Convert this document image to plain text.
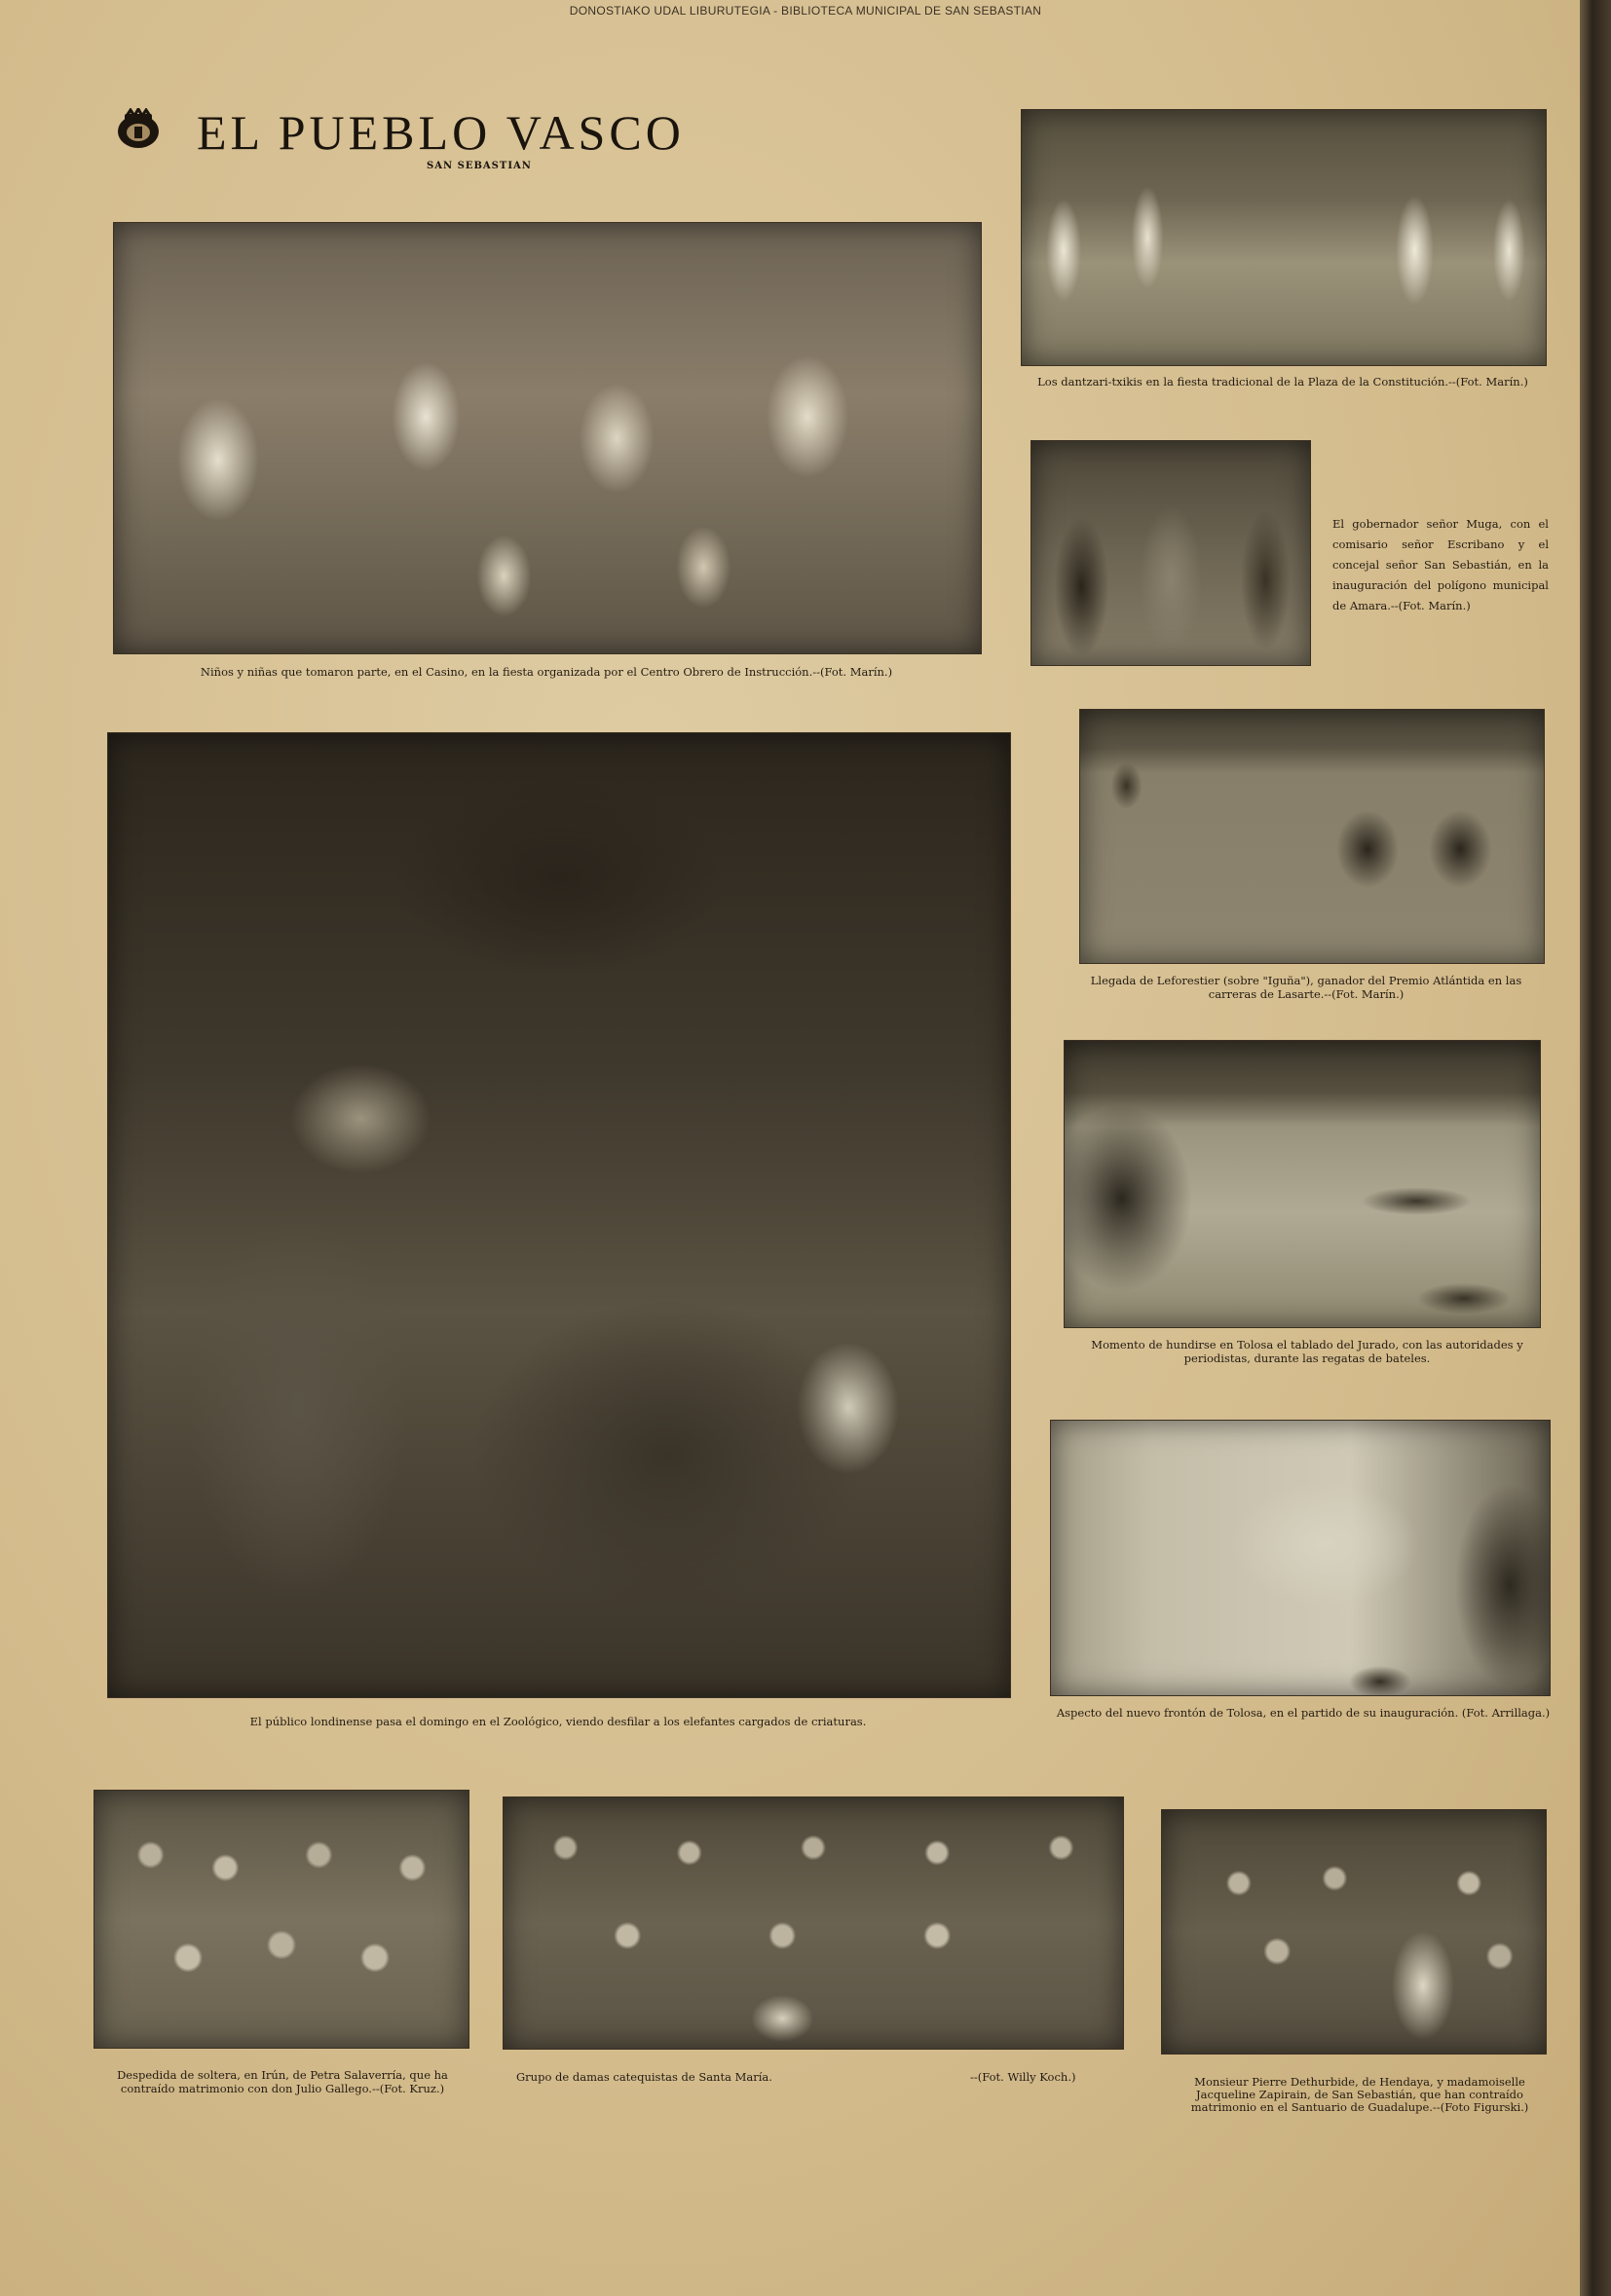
DONOSTIAKO UDAL LIBURUTEGIA - BIBLIOTECA MUNICIPAL DE SAN SEBASTIAN

EL PUEBLO VASCO
SAN SEBASTIAN
Niños y niñas que tomaron parte, en el Casino, en la fiesta organizada por el Centro Obrero de Instrucción.--(Fot. Marín.)
Los dantzari-txikis en la fiesta tradicional de la Plaza de la Constitución.--(Fot. Marín.)
El gobernador señor Muga, con el comisario señor Escribano y el concejal señor San Sebastián, en la inauguración del polígono municipal de Amara.--(Fot. Marín.)
Llegada de Leforestier (sobre "Iguña"), ganador del Premio Atlántida en las carreras de Lasarte.--(Fot. Marín.)
Momento de hundirse en Tolosa el tablado del Jurado, con las autoridades y periodistas, durante las regatas de bateles.
El público londinense pasa el domingo en el Zoológico, viendo desfilar a los elefantes cargados de criaturas.
Aspecto del nuevo frontón de Tolosa, en el partido de su inauguración. (Fot. Arrillaga.)
Despedida de soltera, en Irún, de Petra Salaverría, que ha contraído matrimonio con don Julio Gallego.--(Fot. Kruz.)
Grupo de damas catequistas de Santa María.	--(Fot. Willy Koch.)	Monsieur Pierre Dethurbide, de Hendaya, y madamoiselle Jacqueline Zapirain, de San Sebastián, que han contraído matrimonio en el Santuario de Guadalupe.--(Foto Figurski.)
